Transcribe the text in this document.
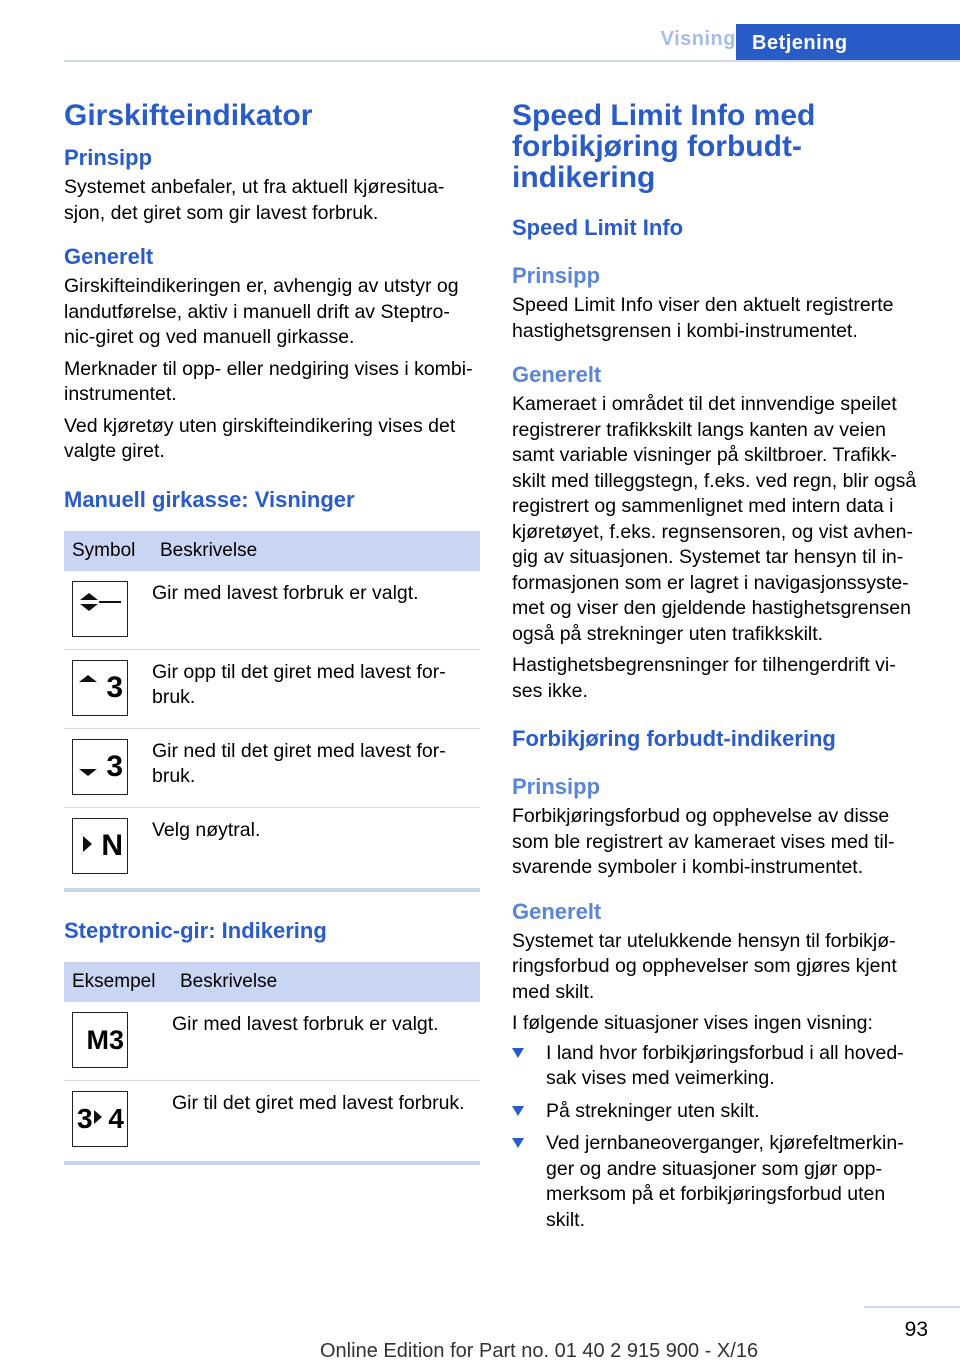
Visning Betjening
Girskifteindikator
Prinsipp

Systemet anbefaler, ut fra aktuell kjøresitua- sjon, det giret som gir lavest forbruk.

Generelt

Girskifteindikeringen er, avhengig av utstyr og landutførelse, aktiv i manuell drift av Steptro- nic-giret og ved manuell girkasse.

Merknader til opp- eller nedgiring vises i kombi-instrumentet.

Ved kjøretøy uten girskifteindikering vises det valgte giret.

Manuell girkasse: Visninger
Symbol	Beskrivelse

	Gir med lavest forbruk er valgt.

3	Gir opp til det giret med lavest for- bruk.

3	Gir ned til det giret med lavest for- bruk.

N	Velg nøytral.
Steptronic-gir: Indikering
Eksempel	Beskrivelse

M3	Gir med lavest forbruk er valgt.

3 4	Gir til det giret med lavest forbruk.
Speed Limit Info med forbikjøring forbudt- indikering
Speed Limit Info
Prinsipp

Speed Limit Info viser den aktuelt registrerte hastighetsgrensen i kombi-instrumentet.

Generelt

Kameraet i området til det innvendige speilet registrerer trafikkskilt langs kanten av veien samt variable visninger på skiltbroer. Trafikk- skilt med tilleggstegn, f.eks. ved regn, blir også registrert og sammenlignet med intern data i kjøretøyet, f.eks. regnsensoren, og vist avhen- gig av situasjonen. Systemet tar hensyn til in- formasjonen som er lagret i navigasjonssyste- met og viser den gjeldende hastighetsgrensen også på strekninger uten trafikkskilt.

Hastighetsbegrensninger for tilhengerdrift vi- ses ikke.

Forbikjøring forbudt-indikering
Prinsipp

Forbikjøringsforbud og opphevelse av disse som ble registrert av kameraet vises med til- svarende symboler i kombi-instrumentet.

Generelt

Systemet tar utelukkende hensyn til forbikjø- ringsforbud og opphevelser som gjøres kjent med skilt.

I følgende situasjoner vises ingen visning:

I land hvor forbikjøringsforbud i all hoved- sak vises med veimerking.
På strekninger uten skilt.
Ved jernbaneoverganger, kjørefeltmerkin- ger og andre situasjoner som gjør opp- merksom på et forbikjøringsforbud uten skilt.
93
Online Edition for Part no. 01 40 2 915 900 - X/16
